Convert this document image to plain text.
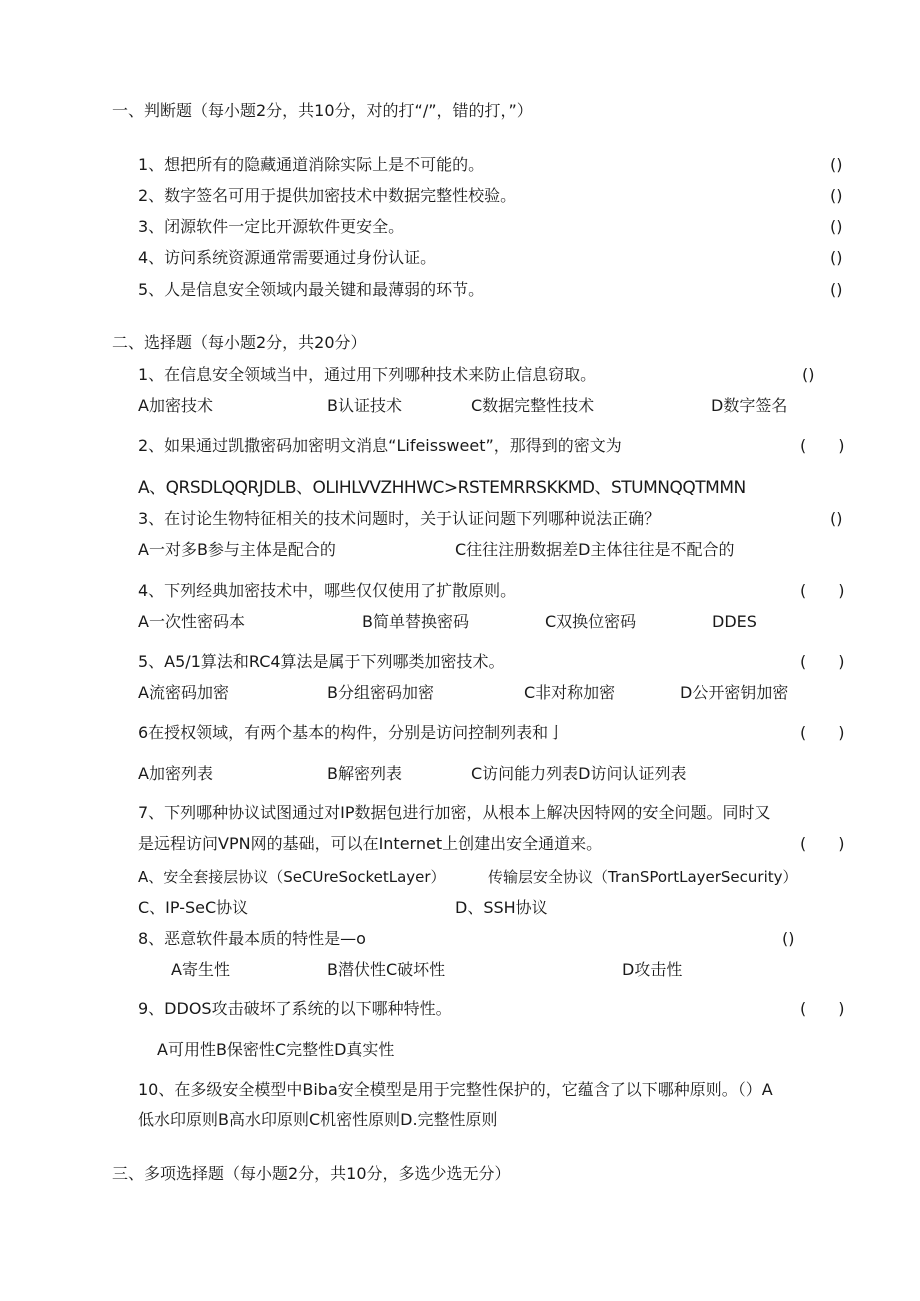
一、判断题（每小题2分，共10分，对的打“/”，错的打，”）
1、想把所有的隐藏通道消除实际上是不可能的。	()
2、数字签名可用于提供加密技术中数据完整性校验。	()
3、闭源软件一定比开源软件更安全。	()
4、访问系统资源通常需要通过身份认证。	()
5、人是信息安全领域内最关键和最薄弱的环节。	()
二、选择题（每小题2分，共20分）
1、在信息安全领域当中，通过用下列哪种技术来防止信息窃取。	()
A加密技术	B认证技术	C数据完整性技术	D数字签名
2、如果通过凯撒密码加密明文消息“Lifeissweet”，那得到的密文为	(　　)
A、QRSDLQQRJDLB、OLIHLVVZHHWC>RSTEMRRSKKMD、STUMNQQTMMN
3、在讨论生物特征相关的技术问题时，关于认证问题下列哪种说法正确？	()
A一对多B参与主体是配合的	C往往注册数据差D主体往往是不配合的
4、下列经典加密技术中，哪些仅仅使用了扩散原则。	(　　)
A一次性密码本	B简单替换密码	C双换位密码	DDES
5、A5/1算法和RC4算法是属于下列哪类加密技术。	(　　)
A流密码加密	B分组密码加密	C非对称加密	D公开密钥加密
6在授权领域，有两个基本的构件，分别是访问控制列表和亅	(　　)
A加密列表	B解密列表	C访问能力列表D访问认证列表
7、下列哪种协议试图通过对IP数据包进行加密，从根本上解决因特网的安全问题。同时又
是远程访问VPN网的基础，可以在Internet上创建出安全通道来。	(　　)
A、安全套接层协议（SeCUreSocketLayer）	传输层安全协议（TranSPortLayerSecurity）
C、IP-SeC协议	D、SSH协议
8、恶意软件最本质的特性是—o	()
A寄生性	B潜伏性C破坏性	D攻击性
9、DDOS攻击破坏了系统的以下哪种特性。	(　　)
A可用性B保密性C完整性D真实性
10、在多级安全模型中Biba安全模型是用于完整性保护的，它蕴含了以下哪种原则。（）A
低水印原则B高水印原则C机密性原则D.完整性原则
三、多项选择题（每小题2分，共10分，多选少选无分）
